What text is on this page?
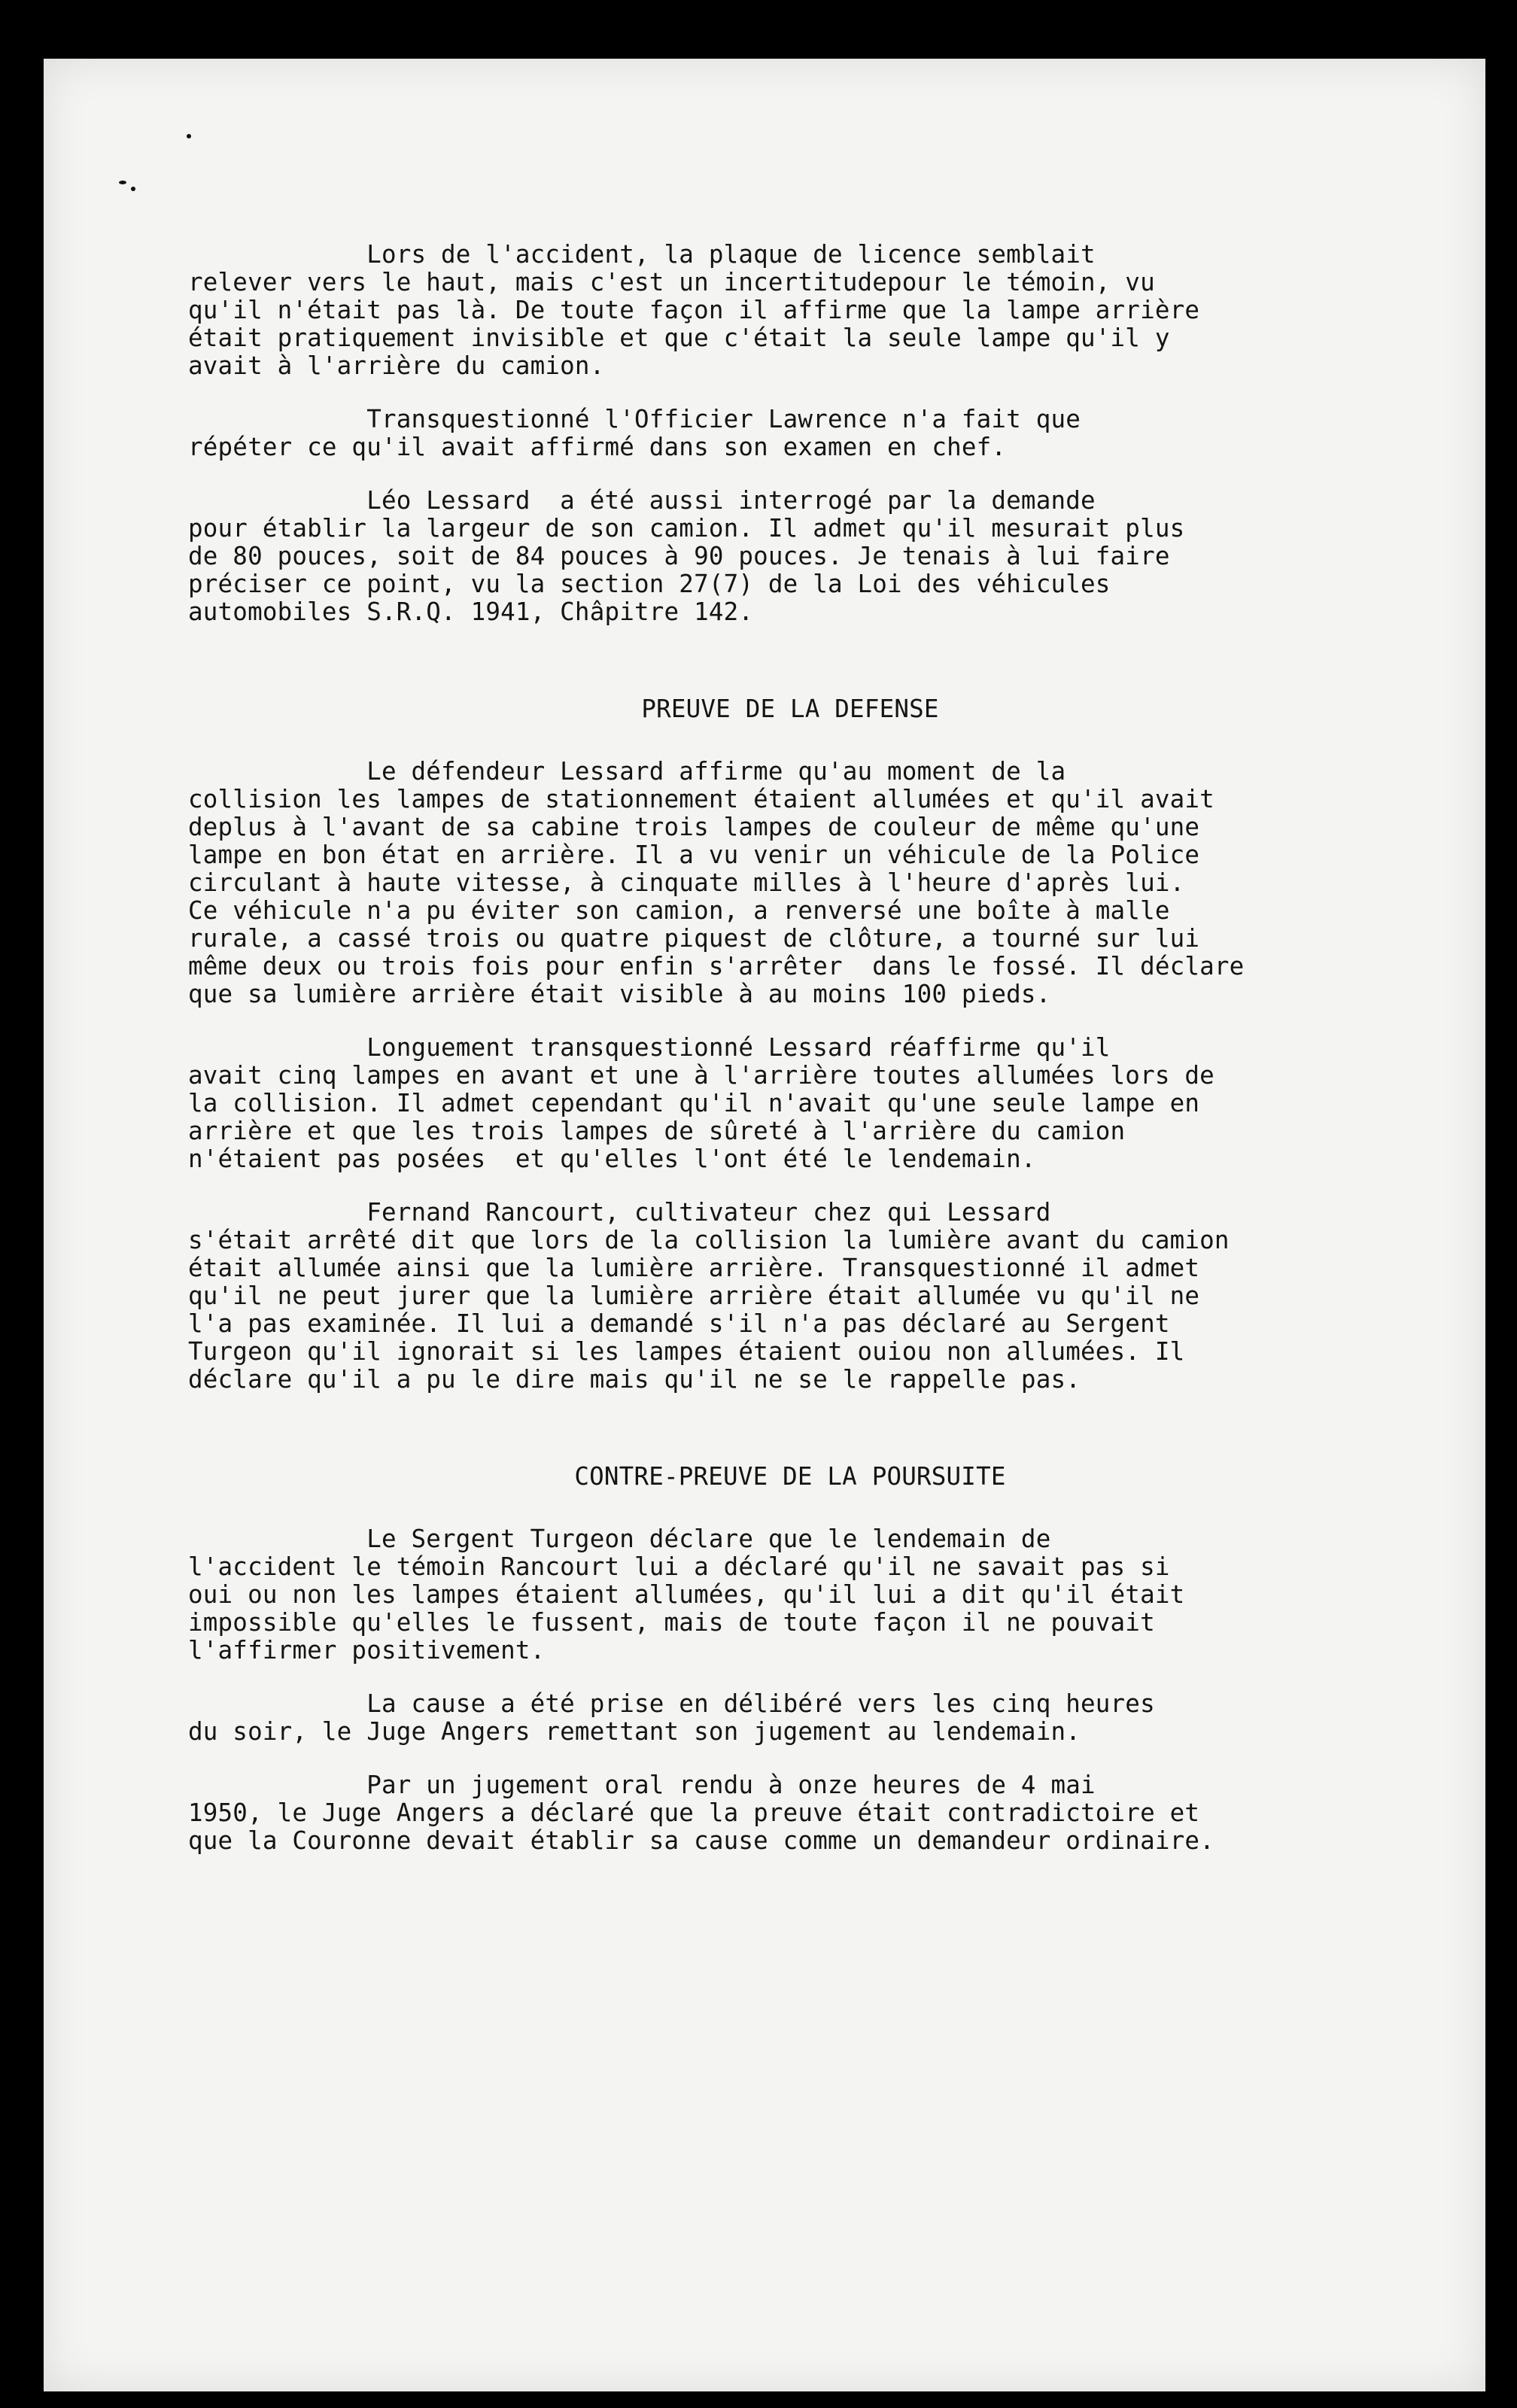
Lors de l'accident, la plaque de licence semblait
relever vers le haut, mais c'est un incertitudepour le témoin, vu
qu'il n'était pas là. De toute façon il affirme que la lampe arrière
était pratiquement invisible et que c'était la seule lampe qu'il y
avait à l'arrière du camion.
Transquestionné l'Officier Lawrence n'a fait que
répéter ce qu'il avait affirmé dans son examen en chef.
Léo Lessard  a été aussi interrogé par la demande
pour établir la largeur de son camion. Il admet qu'il mesurait plus
de 80 pouces, soit de 84 pouces à 90 pouces. Je tenais à lui faire
préciser ce point, vu la section 27(7) de la Loi des véhicules
automobiles S.R.Q. 1941, Châpitre 142.
PREUVE DE LA DEFENSE
Le défendeur Lessard affirme qu'au moment de la
collision les lampes de stationnement étaient allumées et qu'il avait
deplus à l'avant de sa cabine trois lampes de couleur de même qu'une
lampe en bon état en arrière. Il a vu venir un véhicule de la Police
circulant à haute vitesse, à cinquate milles à l'heure d'après lui.
Ce véhicule n'a pu éviter son camion, a renversé une boîte à malle
rurale, a cassé trois ou quatre piquest de clôture, a tourné sur lui
même deux ou trois fois pour enfin s'arrêter  dans le fossé. Il déclare
que sa lumière arrière était visible à au moins 100 pieds.
Longuement transquestionné Lessard réaffirme qu'il
avait cinq lampes en avant et une à l'arrière toutes allumées lors de
la collision. Il admet cependant qu'il n'avait qu'une seule lampe en
arrière et que les trois lampes de sûreté à l'arrière du camion
n'étaient pas posées  et qu'elles l'ont été le lendemain.
Fernand Rancourt, cultivateur chez qui Lessard
s'était arrêté dit que lors de la collision la lumière avant du camion
était allumée ainsi que la lumière arrière. Transquestionné il admet
qu'il ne peut jurer que la lumière arrière était allumée vu qu'il ne
l'a pas examinée. Il lui a demandé s'il n'a pas déclaré au Sergent
Turgeon qu'il ignorait si les lampes étaient ouiou non allumées. Il
déclare qu'il a pu le dire mais qu'il ne se le rappelle pas.
CONTRE-PREUVE DE LA POURSUITE
Le Sergent Turgeon déclare que le lendemain de
l'accident le témoin Rancourt lui a déclaré qu'il ne savait pas si
oui ou non les lampes étaient allumées, qu'il lui a dit qu'il était
impossible qu'elles le fussent, mais de toute façon il ne pouvait
l'affirmer positivement.
La cause a été prise en délibéré vers les cinq heures
du soir, le Juge Angers remettant son jugement au lendemain.
Par un jugement oral rendu à onze heures de 4 mai
1950, le Juge Angers a déclaré que la preuve était contradictoire et
que la Couronne devait établir sa cause comme un demandeur ordinaire.
